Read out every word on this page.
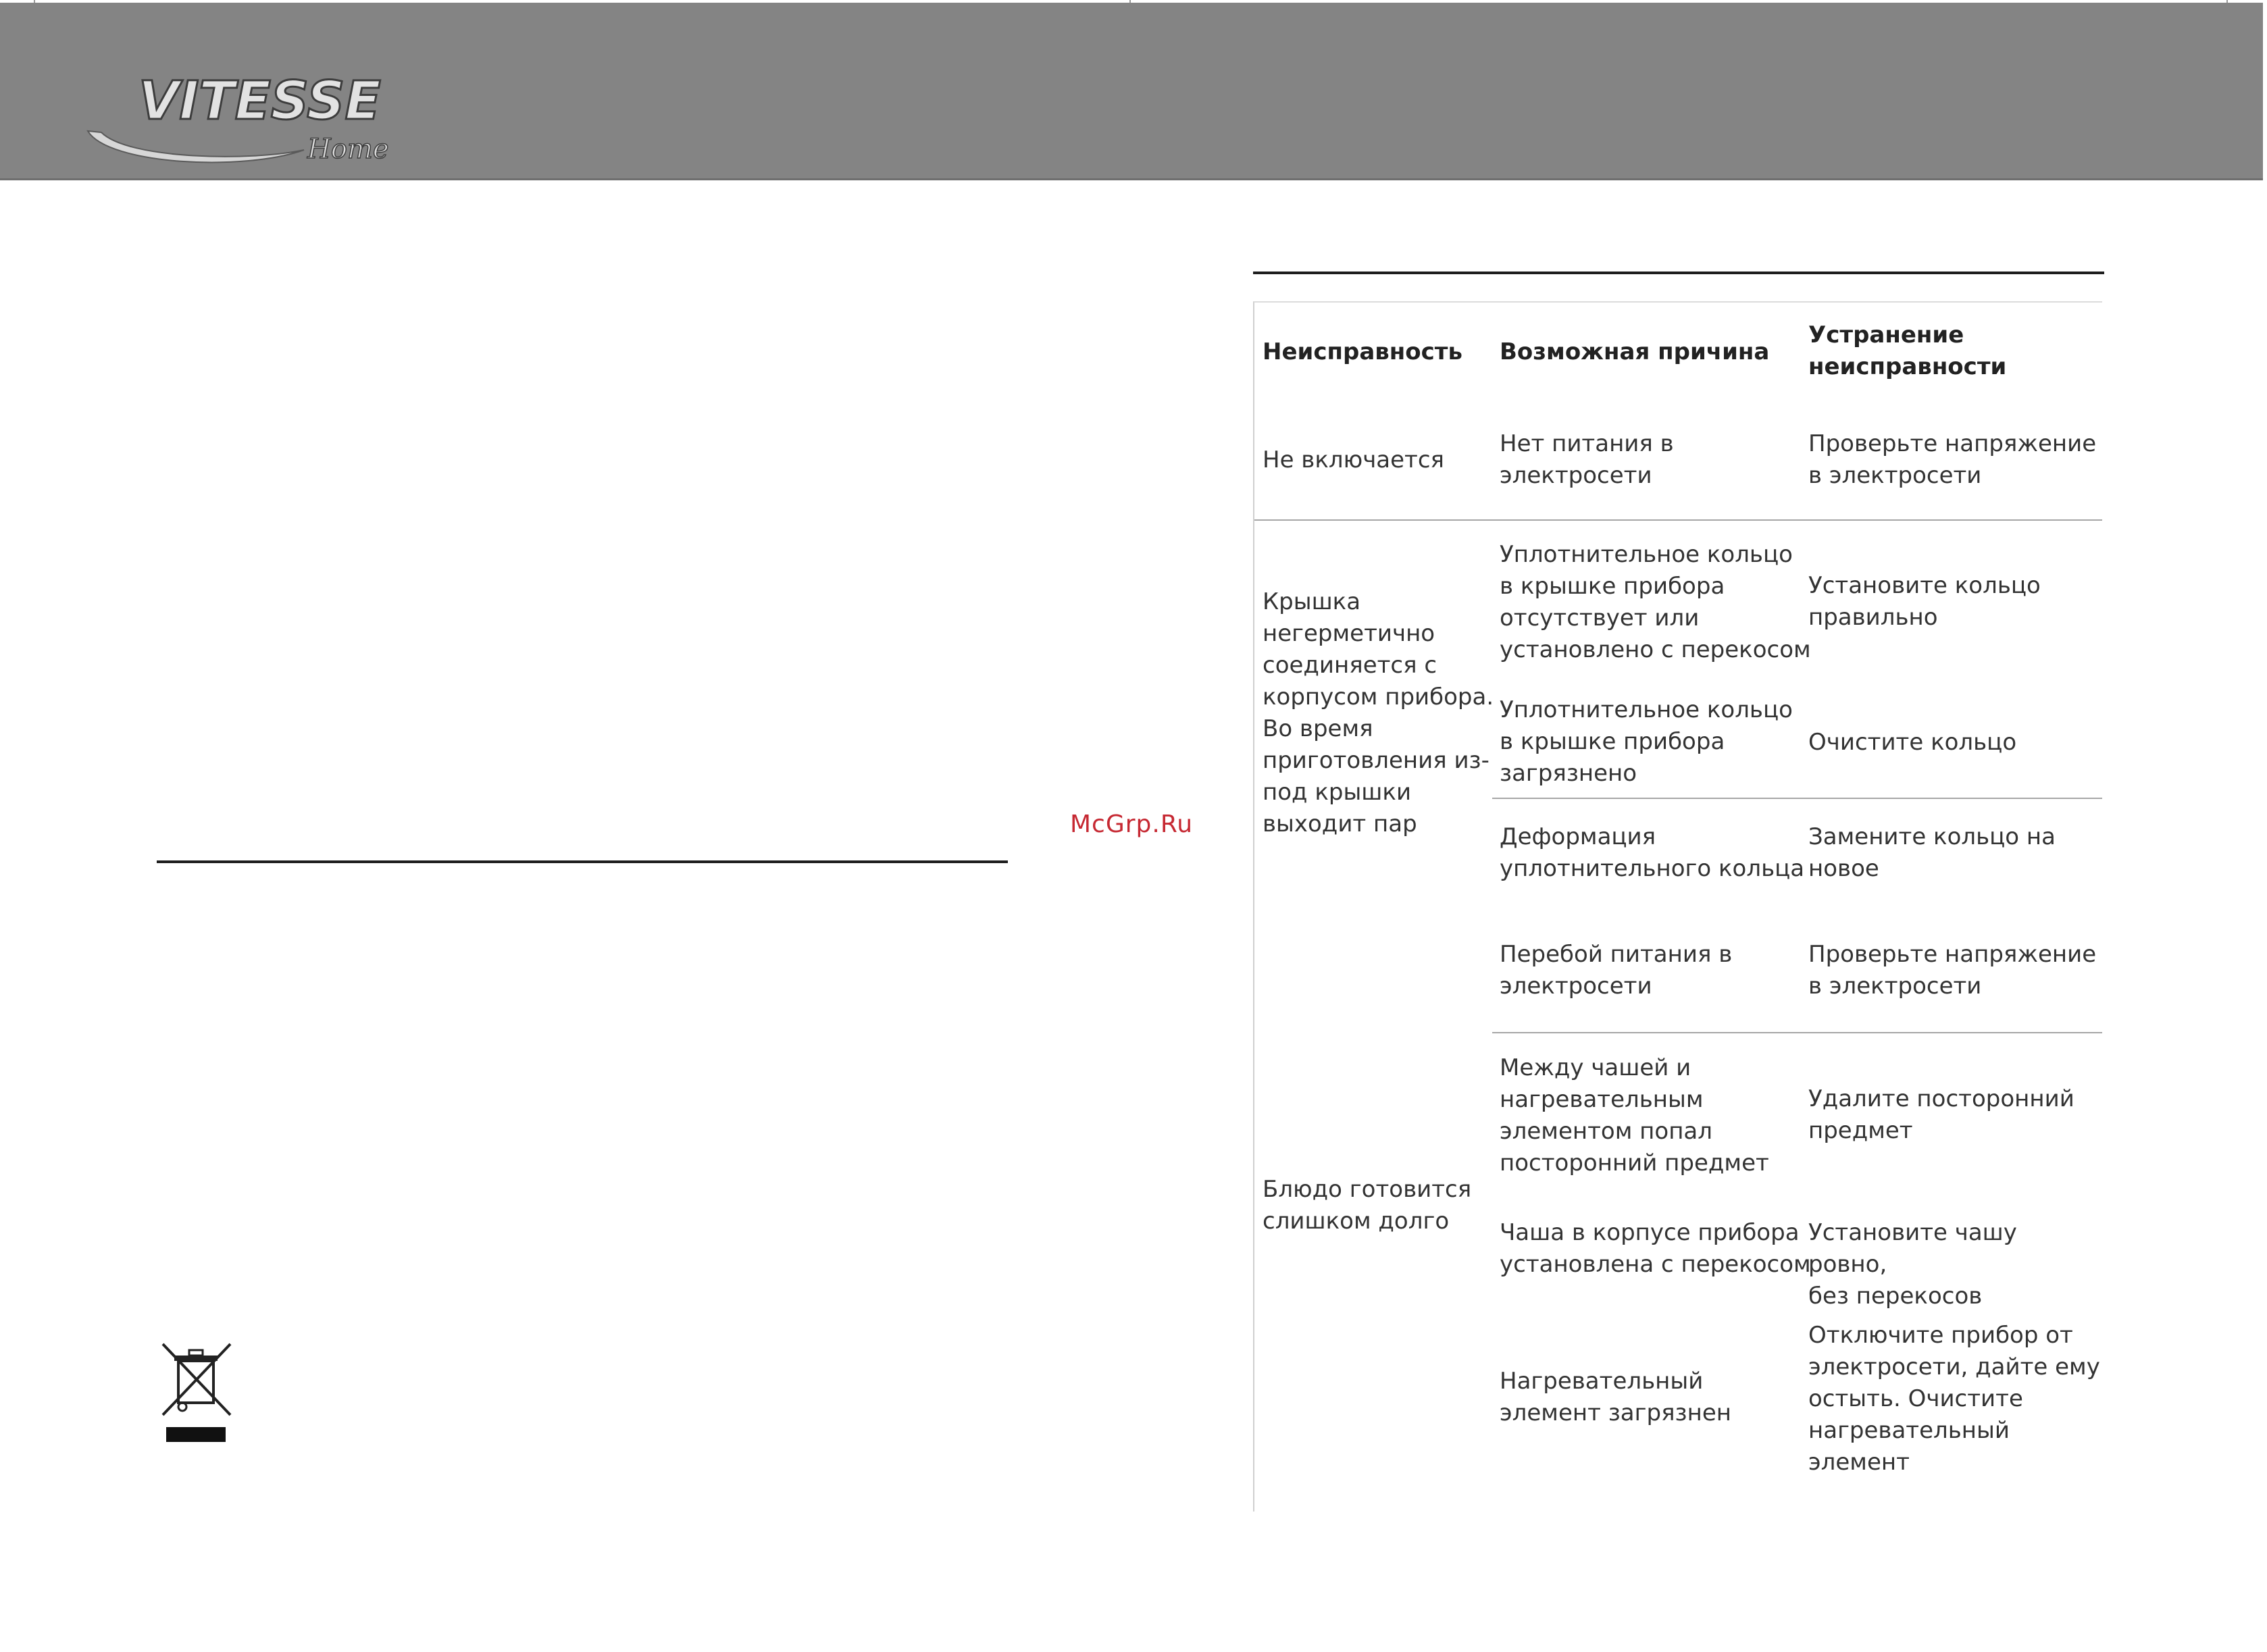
VITESSE
Home
McGrp.Ru
Неисправность Возможная причина
Устранение
неисправности
Не включается
Нет питания в
электросети
Проверьте напряжение
в электросети
Крышка
негерметично
соединяется с
корпусом прибора.
Во время
приготовления из-
под крышки
выходит пар
Уплотнительное кольцо
в крышке прибора
отсутствует или
установлено с перекосом
Установите кольцо
правильно
Уплотнительное кольцо
в крышке прибора
загрязнено
Очистите кольцо
Деформация
уплотнительного кольца
Замените кольцо на
новое
Перебой питания в
электросети
Проверьте напряжение
в электросети
Блюдо готовится
слишком долго
Между чашей и
нагревательным
элементом попал
посторонний предмет
Удалите посторонний
предмет
Чаша в корпусе прибора
установлена с перекосом
Установите чашу ровно,
без перекосов
Нагревательный
элемент загрязнен
Отключите прибор от
электросети, дайте ему
остыть. Очистите
нагревательный
элемент
